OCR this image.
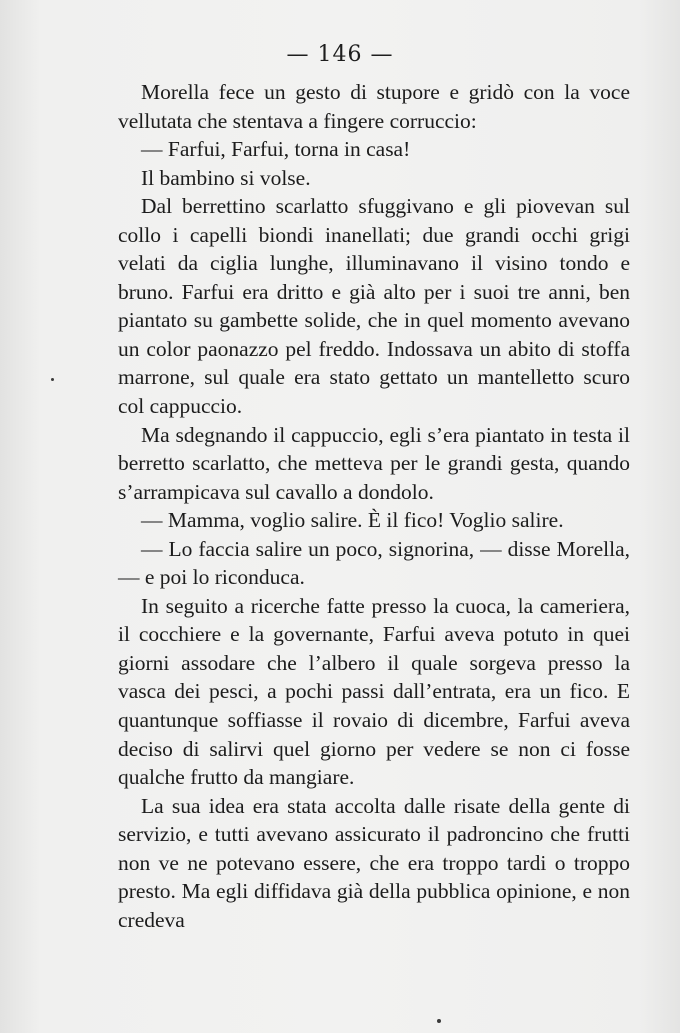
— 146 —

Morella fece un gesto di stupore e gridò con la voce vellutata che stentava a fingere corruccio:

— Farfui, Farfui, torna in casa!

Il bambino si volse.

Dal berrettino scarlatto sfuggivano e gli piovevan sul collo i capelli biondi inanellati; due grandi occhi grigi velati da ciglia lunghe, illuminavano il visino tondo e bruno. Farfui era dritto e già alto per i suoi tre anni, ben piantato su gambette solide, che in quel momento avevano un color paonazzo pel freddo. Indossava un abito di stoffa marrone, sul quale era stato gettato un mantelletto scuro col cappuccio.

Ma sdegnando il cappuccio, egli s’era piantato in testa il berretto scarlatto, che metteva per le grandi gesta, quando s’arrampicava sul cavallo a dondolo.

— Mamma, voglio salire. È il fico! Voglio salire.

— Lo faccia salire un poco, signorina, — disse Morella, — e poi lo riconduca.

In seguito a ricerche fatte presso la cuoca, la cameriera, il cocchiere e la governante, Farfui aveva potuto in quei giorni assodare che l’albero il quale sorgeva presso la vasca dei pesci, a pochi passi dall’entrata, era un fico. E quantunque soffiasse il rovaio di dicembre, Farfui aveva deciso di salirvi quel giorno per vedere se non ci fosse qualche frutto da mangiare.

La sua idea era stata accolta dalle risate della gente di servizio, e tutti avevano assicurato il padroncino che frutti non ve ne potevano essere, che era troppo tardi o troppo presto. Ma egli diffidava già della pubblica opinione, e non credeva
